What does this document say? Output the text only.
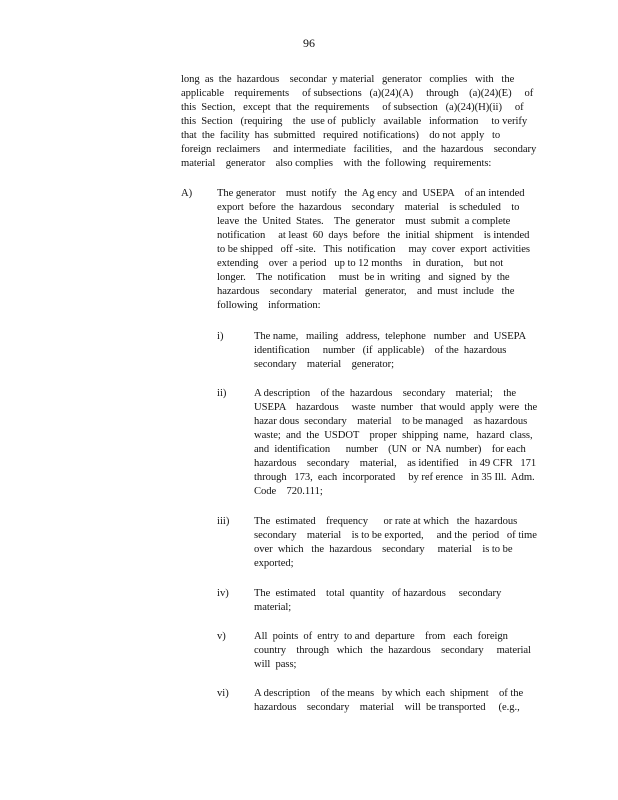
96
long  as  the  hazardous    secondar  y material   generator   complies   with   the
applicable    requirements     of subsections   (a)(24)(A)     through    (a)(24)(E)     of
this  Section,   except  that  the  requirements     of subsection   (a)(24)(H)(ii)     of
this  Section   (requiring    the  use of  publicly   available   information     to verify
that  the  facility  has  submitted   required  notifications)    do not  apply   to
foreign  reclaimers     and  intermediate   facilities,    and  the  hazardous    secondary
material    generator    also complies    with  the  following   requirements:
A) The generator    must  notify   the  Ag ency  and  USEPA    of an intended
export  before  the  hazardous    secondary    material    is scheduled    to
leave  the  United  States.    The  generator    must  submit  a complete
notification     at least  60  days  before   the  initial  shipment    is intended
to be shipped   off -site.   This  notification     may  cover  export  activities
extending    over  a period   up to 12 months    in  duration,    but not
longer.    The  notification     must  be in  writing   and  signed  by  the
hazardous    secondary    material   generator,    and  must  include   the
following    information:
i)	The name,   mailing   address,  telephone   number   and  USEPA
identification     number   (if  applicable)    of the  hazardous
secondary    material    generator;
ii)	A description    of the  hazardous    secondary    material;    the
USEPA    hazardous     waste  number   that would  apply  were  the
hazar dous  secondary    material    to be managed    as hazardous
waste;  and  the  USDOT    proper  shipping  name,   hazard  class,
and  identification      number    (UN  or  NA  number)    for each
hazardous    secondary    material,    as identified    in 49 CFR   171
through   173,  each  incorporated     by ref erence   in 35 Ill.  Adm.
Code    720.111;
iii) The  estimated    frequency      or rate at which   the  hazardous
secondary    material    is to be exported,     and the  period   of time
over  which   the  hazardous    secondary     material    is to be
exported;
iv) The  estimated    total  quantity   of hazardous     secondary
material;
v)	All  points  of  entry  to and  departure    from   each  foreign
country    through   which   the  hazardous    secondary     material
will  pass;
vi) A description    of the means   by which  each  shipment    of the
hazardous    secondary    material    will  be transported     (e.g.,
